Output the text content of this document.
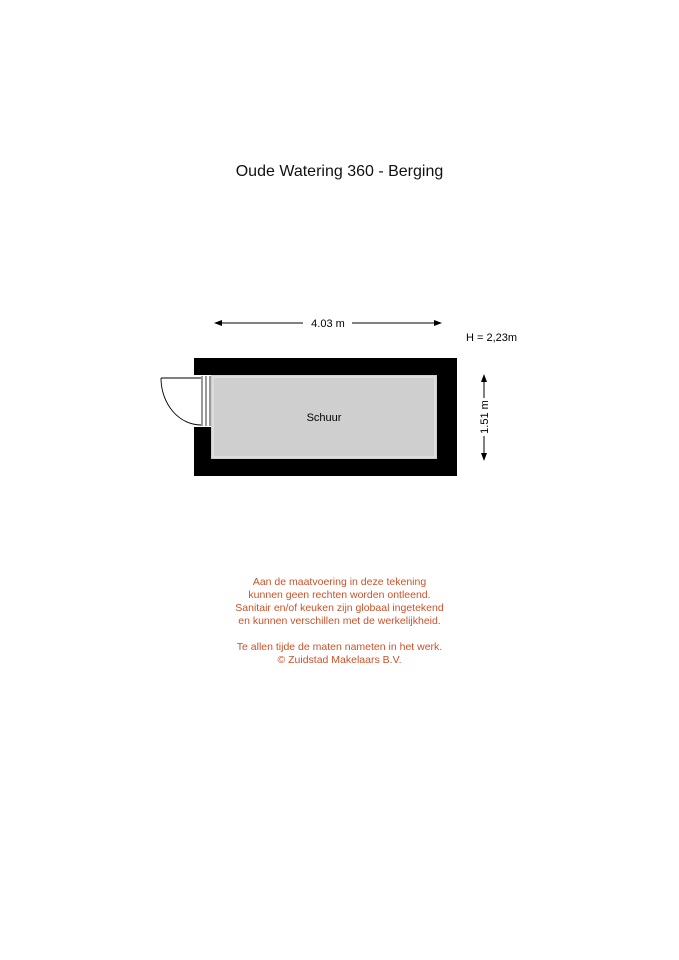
Oude Watering 360 - Berging
4.03 m
H = 2,23m
Schuur	1.51 m
Aan de maatvoering in deze tekening
kunnen geen rechten worden ontleend.
Sanitair en/of keuken zijn globaal ingetekend
en kunnen verschillen met de werkelijkheid.
Te allen tijde de maten nameten in het werk.
© Zuidstad Makelaars B.V.
